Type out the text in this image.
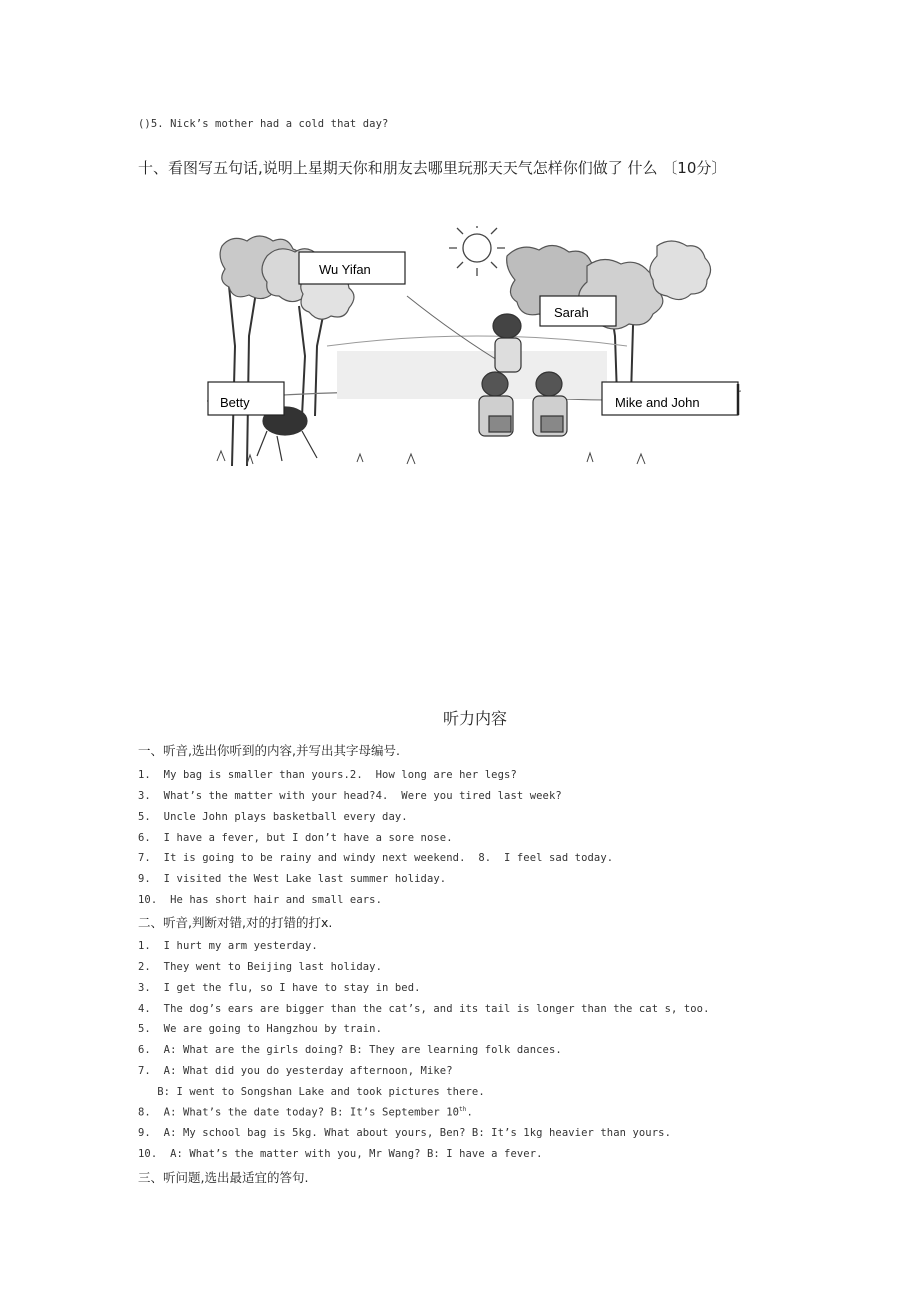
()5. Nick’s mother had a cold that day?
十、看图写五句话,说明上星期天你和朋友去哪里玩那天天气怎样你们做了 什么 〔10分〕
Wu Yifan
Sarah
Betty	Mike and John
听力内容
一、听音,选出你听到的内容,并写出其字母编号.
1.  My bag is smaller than yours.2.  How long are her legs?
3.  What’s the matter with your head?4.  Were you tired last week?
5.  Uncle John plays basketball every day.
6.  I have a fever, but I don’t have a sore nose.
7.  It is going to be rainy and windy next weekend.  8.  I feel sad today.
9.  I visited the West Lake last summer holiday.
10.  He has short hair and small ears.
二、听音,判断对错,对的打错的打x.
1.  I hurt my arm yesterday.
2.  They went to Beijing last holiday.
3.  I get the flu, so I have to stay in bed.
4.  The dog’s ears are bigger than the cat’s, and its tail is longer than the cat s, too.
5.  We are going to Hangzhou by train.
6.  A: What are the girls doing? B: They are learning folk dances.
7.  A: What did you do yesterday afternoon, Mike?
B: I went to Songshan Lake and took pictures there.
8.  A: What’s the date today? B: It’s September 10th.
9.  A: My school bag is 5kg. What about yours, Ben? B: It’s 1kg heavier than yours.
10.  A: What’s the matter with you, Mr Wang? B: I have a fever.
三、听问题,选出最适宜的答句.
